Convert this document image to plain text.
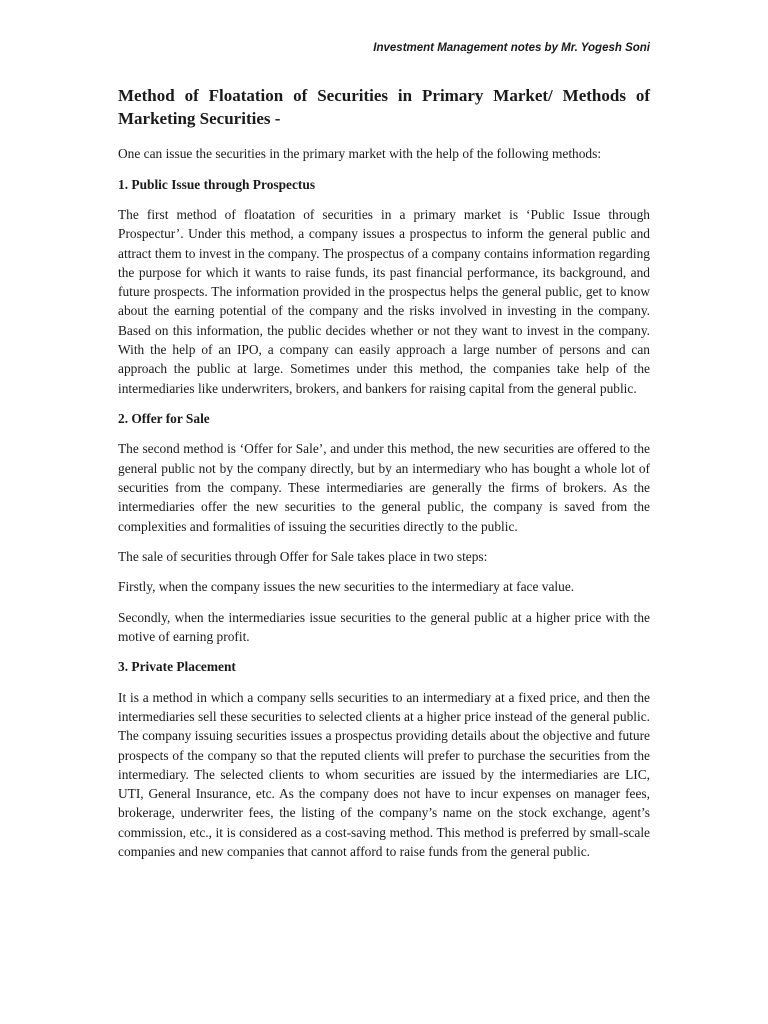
Investment Management notes by Mr. Yogesh Soni
Method of Floatation of Securities in Primary Market/ Methods of Marketing Securities -
One can issue the securities in the primary market with the help of the following methods:
1. Public Issue through Prospectus
The first method of floatation of securities in a primary market is ‘Public Issue through Prospectur’. Under this method, a company issues a prospectus to inform the general public and attract them to invest in the company. The prospectus of a company contains information regarding the purpose for which it wants to raise funds, its past financial performance, its background, and future prospects. The information provided in the prospectus helps the general public, get to know about the earning potential of the company and the risks involved in investing in the company. Based on this information, the public decides whether or not they want to invest in the company. With the help of an IPO, a company can easily approach a large number of persons and can approach the public at large. Sometimes under this method, the companies take help of the intermediaries like underwriters, brokers, and bankers for raising capital from the general public.
2. Offer for Sale
The second method is ‘Offer for Sale’, and under this method, the new securities are offered to the general public not by the company directly, but by an intermediary who has bought a whole lot of securities from the company. These intermediaries are generally the firms of brokers. As the intermediaries offer the new securities to the general public, the company is saved from the complexities and formalities of issuing the securities directly to the public.
The sale of securities through Offer for Sale takes place in two steps:
Firstly, when the company issues the new securities to the intermediary at face value.
Secondly, when the intermediaries issue securities to the general public at a higher price with the motive of earning profit.
3. Private Placement
It is a method in which a company sells securities to an intermediary at a fixed price, and then the intermediaries sell these securities to selected clients at a higher price instead of the general public. The company issuing securities issues a prospectus providing details about the objective and future prospects of the company so that the reputed clients will prefer to purchase the securities from the intermediary. The selected clients to whom securities are issued by the intermediaries are LIC, UTI, General Insurance, etc. As the company does not have to incur expenses on manager fees, brokerage, underwriter fees, the listing of the company’s name on the stock exchange, agent’s commission, etc., it is considered as a cost-saving method. This method is preferred by small-scale companies and new companies that cannot afford to raise funds from the general public.
